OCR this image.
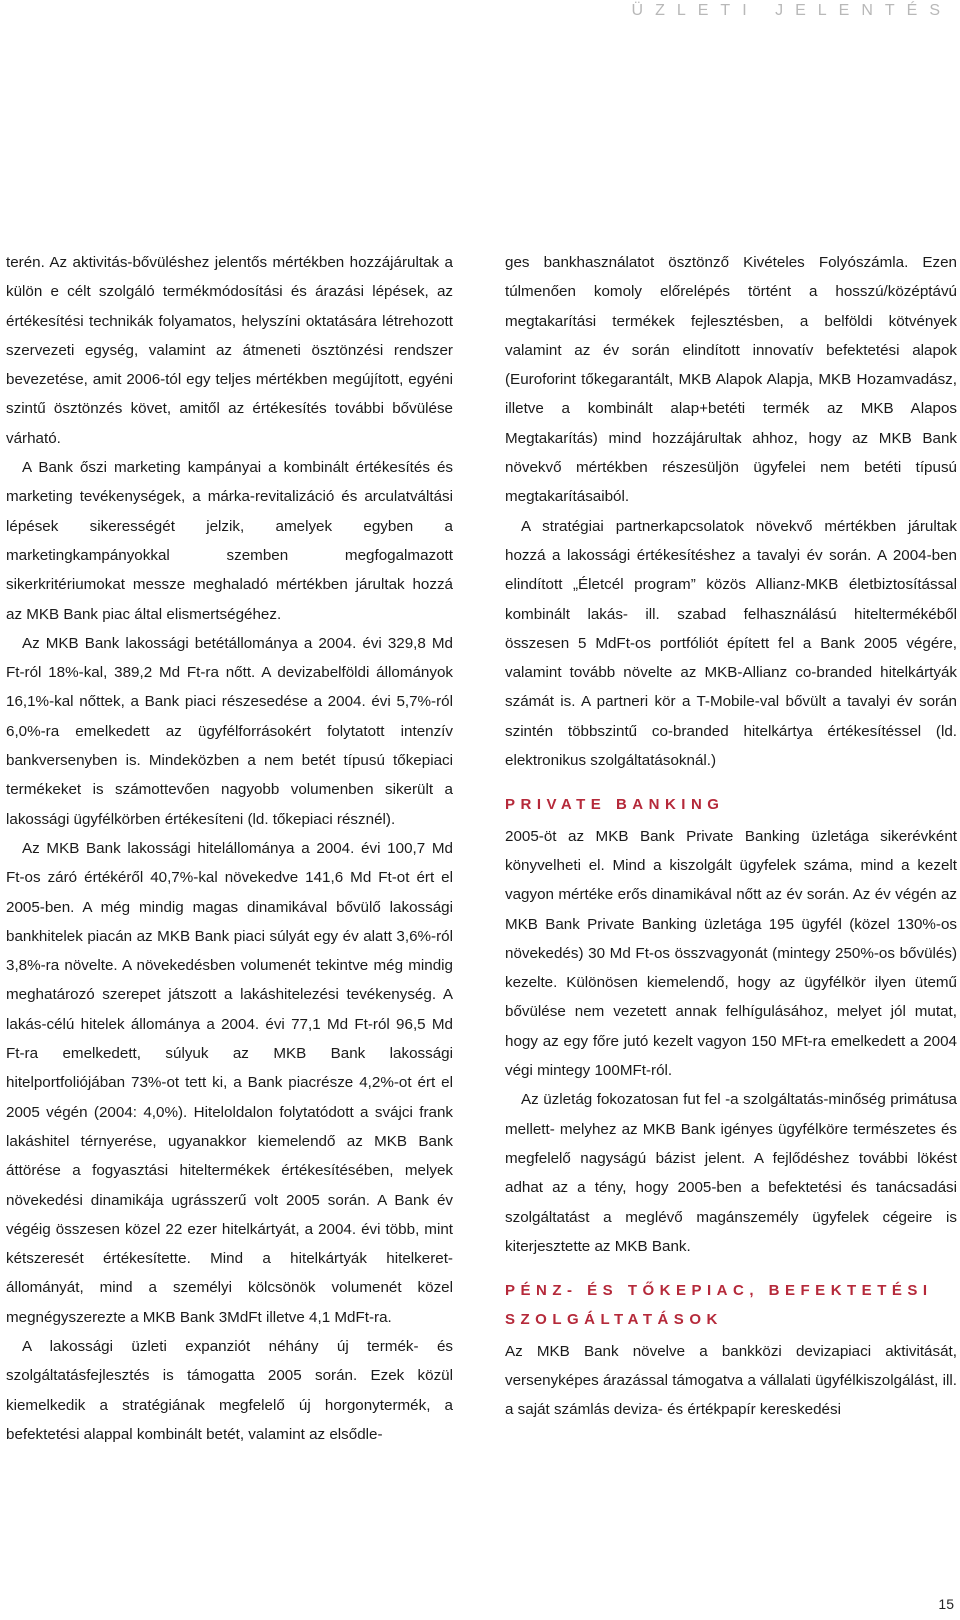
ÜZLETI JELENTÉS

terén. Az aktivitás-bővüléshez jelentős mértékben hozzájárultak a külön e célt szolgáló termékmódosítási és árazási lépések, az értékesítési technikák folyamatos, helyszíni oktatására létrehozott szervezeti egység, valamint az átmeneti ösztönzési rendszer bevezetése, amit 2006-tól egy teljes mértékben megújított, egyéni szintű ösztönzés követ, amitől az értékesítés további bővülése várható.

A Bank őszi marketing kampányai a kombinált értékesítés és marketing tevékenységek, a márka-revitalizáció és arculatváltási lépések sikerességét jelzik, amelyek egyben a marketingkampányokkal szemben megfogalmazott sikerkritériumokat messze meghaladó mértékben járultak hozzá az MKB Bank piac által elismertségéhez.

Az MKB Bank lakossági betétállománya a 2004. évi 329,8 Md Ft-ról 18%-kal, 389,2 Md Ft-ra nőtt. A devizabelföldi állományok 16,1%-kal nőttek, a Bank piaci részesedése a 2004. évi 5,7%-ról 6,0%-ra emelkedett az ügyfélforrásokért folytatott intenzív bankversenyben is. Mindeközben a nem betét típusú tőkepiaci termékeket is számottevően nagyobb volumenben sikerült a lakossági ügyfélkörben értékesíteni (ld. tőkepiaci résznél).

Az MKB Bank lakossági hitelállománya a 2004. évi 100,7 Md Ft-os záró értékéről 40,7%-kal növekedve 141,6 Md Ft-ot ért el 2005-ben. A még mindig magas dinamikával bővülő lakossági bankhitelek piacán az MKB Bank piaci súlyát egy év alatt 3,6%-ról 3,8%-ra növelte. A növekedésben volumenét tekintve még mindig meghatározó szerepet játszott a lakáshitelezési tevékenység. A lakás-célú hitelek állománya a 2004. évi 77,1 Md Ft-ról 96,5 Md Ft-ra emelkedett, súlyuk az MKB Bank lakossági hitelportfoliójában 73%-ot tett ki, a Bank piacrésze 4,2%-ot ért el 2005 végén (2004: 4,0%). Hiteloldalon folytatódott a svájci frank lakáshitel térnyerése, ugyanakkor kiemelendő az MKB Bank áttörése a fogyasztási hiteltermékek értékesítésében, melyek növekedési dinamikája ugrásszerű volt 2005 során. A Bank év végéig összesen közel 22 ezer hitelkártyát, a 2004. évi több, mint kétszeresét értékesítette. Mind a hitelkártyák hitelkeret-állományát, mind a személyi kölcsönök volumenét közel megnégyszerezte a MKB Bank 3MdFt illetve 4,1 MdFt-ra.

A lakossági üzleti expanziót néhány új termék- és szolgáltatásfejlesztés is támogatta 2005 során. Ezek közül kiemelkedik a stratégiának megfelelő új horgonytermék, a befektetési alappal kombinált betét, valamint az elsődle-

ges bankhasználatot ösztönző Kivételes Folyószámla. Ezen túlmenően komoly előrelépés történt a hosszú/középtávú megtakarítási termékek fejlesztésben, a belföldi kötvények valamint az év során elindított innovatív befektetési alapok (Euroforint tőkegarantált, MKB Alapok Alapja, MKB Hozamvadász, illetve a kombinált alap+betéti termék az MKB Alapos Megtakarítás) mind hozzájárultak ahhoz, hogy az MKB Bank növekvő mértékben részesüljön ügyfelei nem betéti típusú megtakarításaiból.

A stratégiai partnerkapcsolatok növekvő mértékben járultak hozzá a lakossági értékesítéshez a tavalyi év során. A 2004-ben elindított „Életcél program” közös Allianz-MKB életbiztosítással kombinált lakás- ill. szabad felhasználású hiteltermékéből összesen 5 MdFt-os portfóliót épített fel a Bank 2005 végére, valamint tovább növelte az MKB-Allianz co-branded hitelkártyák számát is. A partneri kör a T-Mobile-val bővült a tavalyi év során szintén többszintű co-branded hitelkártya értékesítéssel (ld. elektronikus szolgáltatásoknál.)

PRIVATE BANKING

2005-öt az MKB Bank Private Banking üzletága sikerévként könyvelheti el. Mind a kiszolgált ügyfelek száma, mind a kezelt vagyon mértéke erős dinamikával nőtt az év során. Az év végén az MKB Bank Private Banking üzletága 195 ügyfél (közel 130%-os növekedés) 30 Md Ft-os összvagyonát (mintegy 250%-os bővülés) kezelte. Különösen kiemelendő, hogy az ügyfélkör ilyen ütemű bővülése nem vezetett annak felhígulásához, melyet jól mutat, hogy az egy főre jutó kezelt vagyon 150 MFt-ra emelkedett a 2004 végi mintegy 100MFt-ról.

Az üzletág fokozatosan fut fel -a szolgáltatás-minőség primátusa mellett- melyhez az MKB Bank igényes ügyfélköre természetes és megfelelő nagyságú bázist jelent. A fejlődéshez további lökést adhat az a tény, hogy 2005-ben a befektetési és tanácsadási szolgáltatást a meglévő magánszemély ügyfelek cégeire is kiterjesztette az MKB Bank.

PÉNZ- ÉS TŐKEPIAC, BEFEKTETÉSI SZOLGÁLTATÁSOK

Az MKB Bank növelve a bankközi devizapiaci aktivitását, versenyképes árazással támogatva a vállalati ügyfélkiszolgálást, ill. a saját számlás deviza- és értékpapír kereskedési

15
